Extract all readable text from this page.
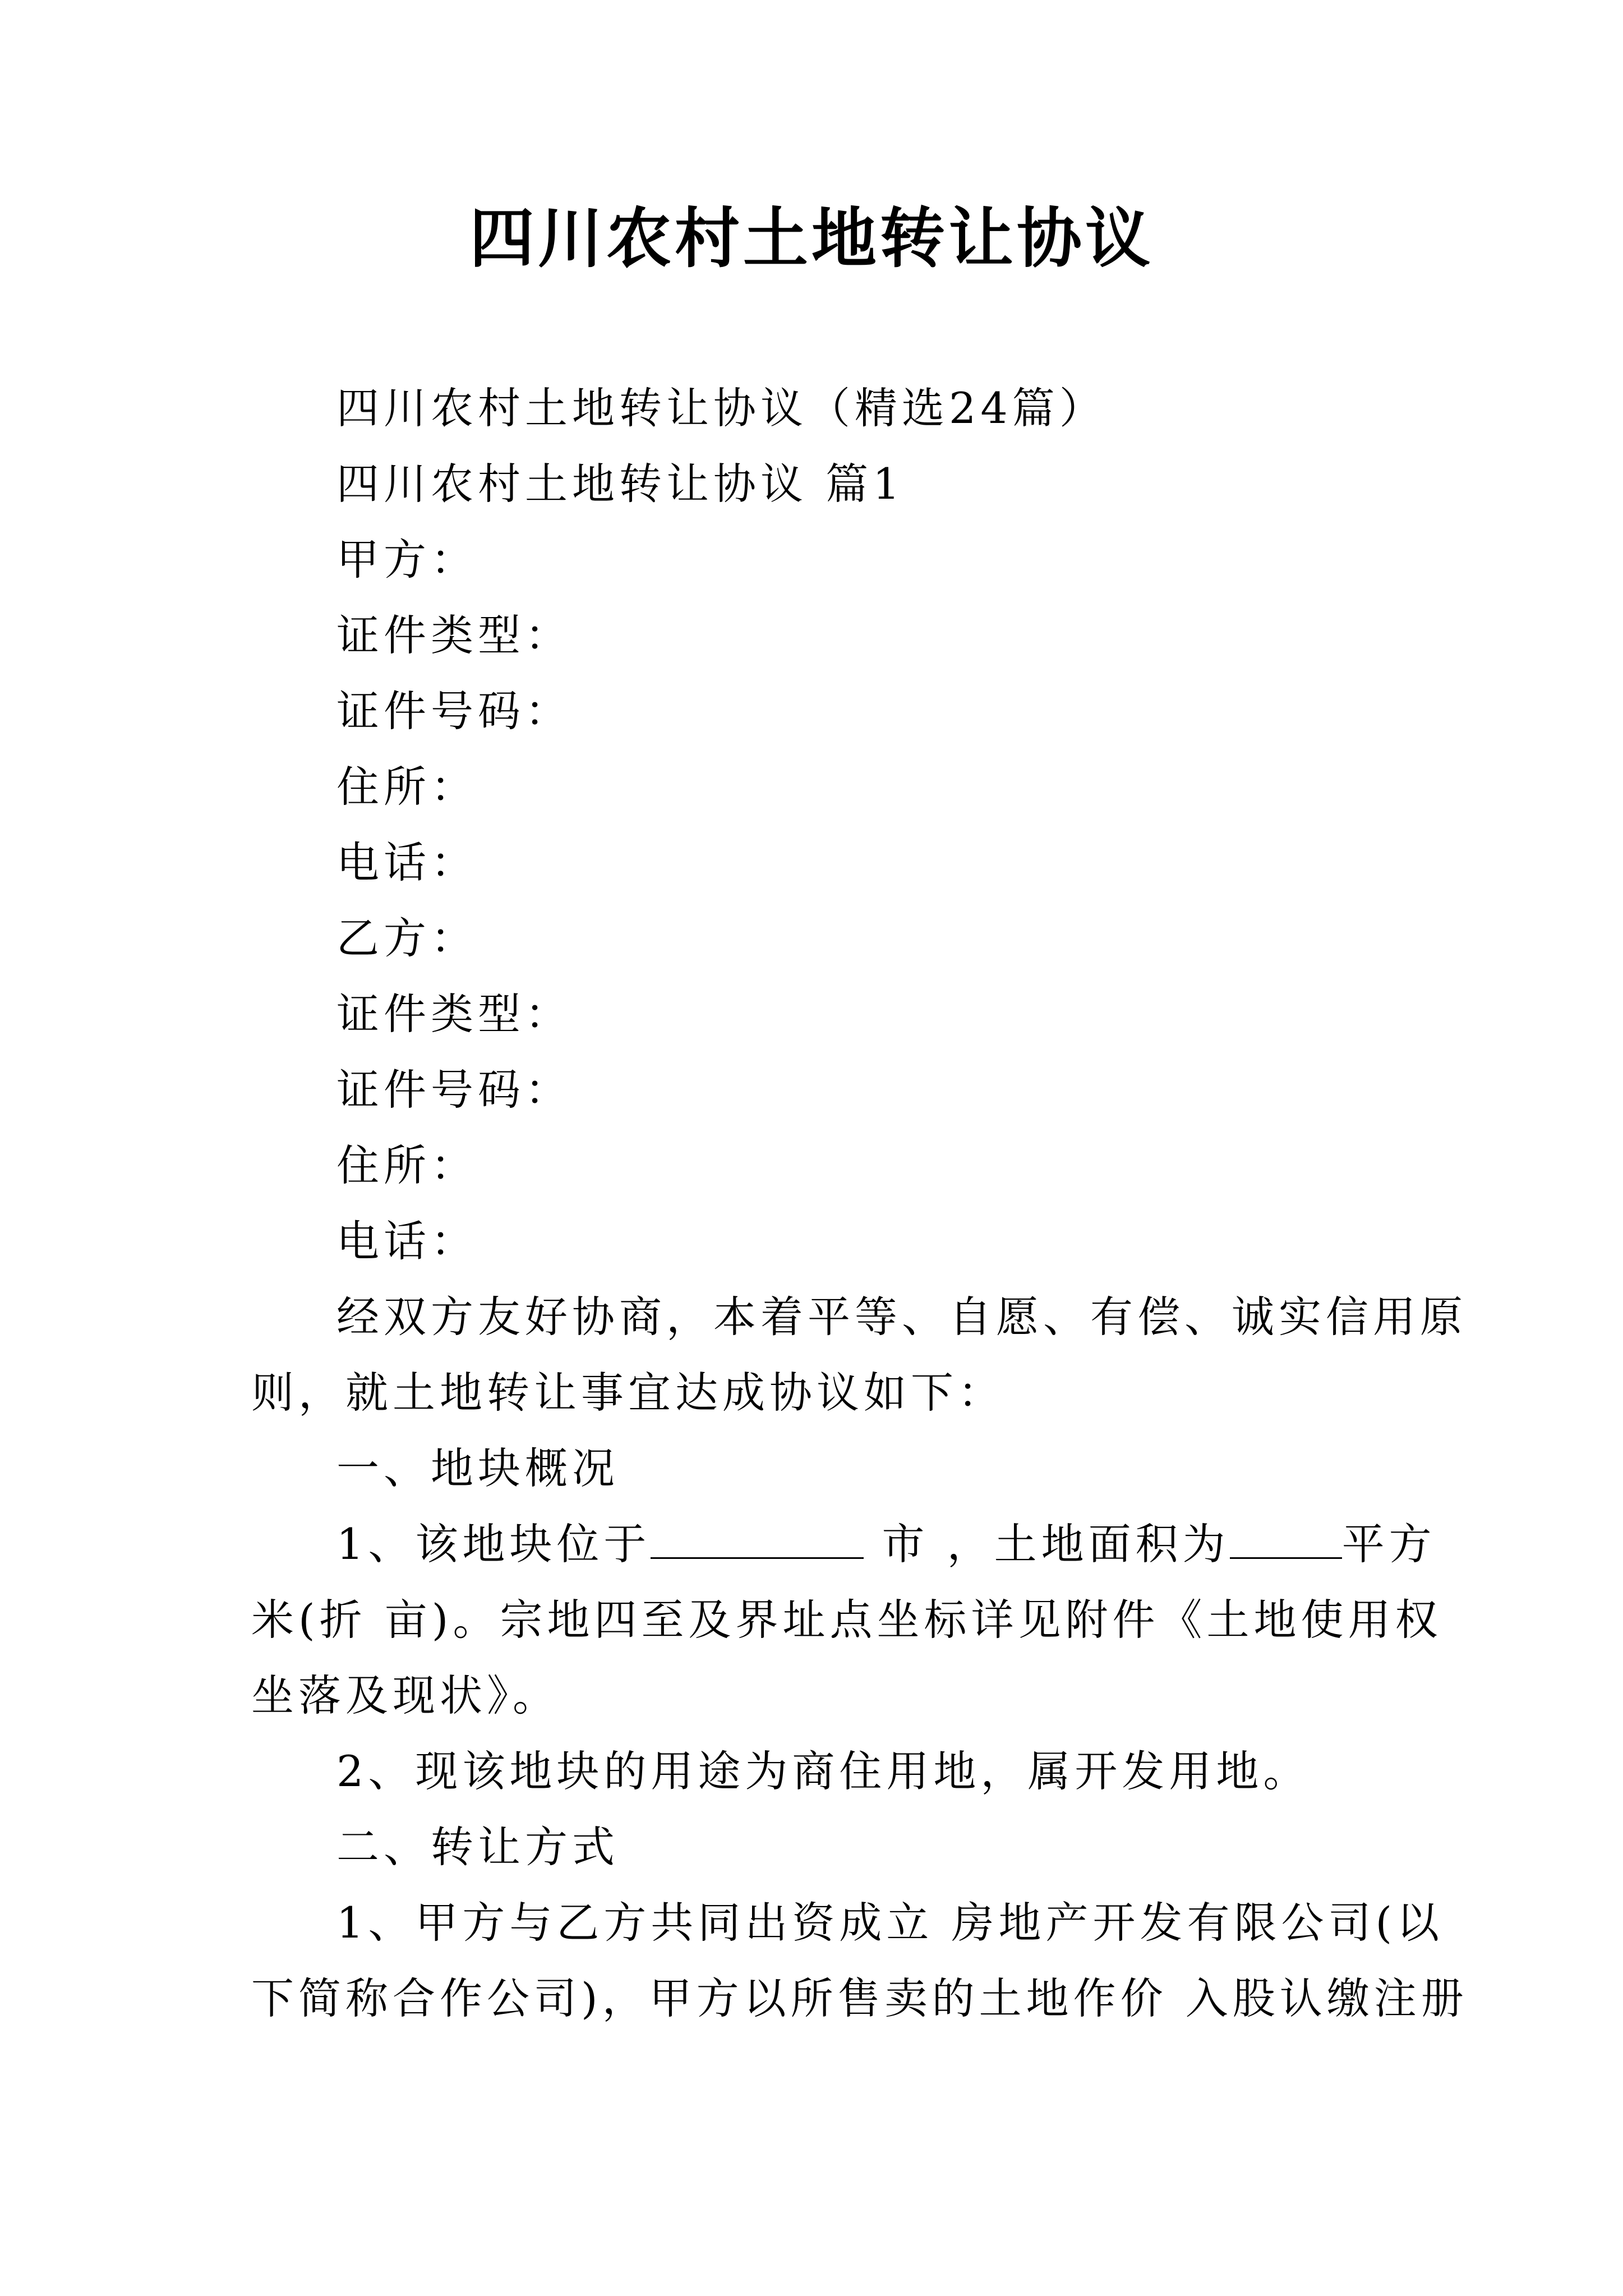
四川农村土地转让协议
四川农村土地转让协议（精选24篇）
四川农村土地转让协议 篇1
甲方：
证件类型：
证件号码：
住所：
电话：
乙方：
证件类型：
证件号码：
住所：
电话：
经双方友好协商，本着平等、自愿、有偿、诚实信用原
则，就土地转让事宜达成协议如下：
一、地块概况
1、该地块位于	市 ，土地面积为	平方
米(折 亩)。宗地四至及界址点坐标详见附件《土地使用权
坐落及现状》。
2、现该地块的用途为商住用地，属开发用地。
二、转让方式
1、甲方与乙方共同出资成立 房地产开发有限公司(以
下简称合作公司)，甲方以所售卖的土地作价 入股认缴注册
